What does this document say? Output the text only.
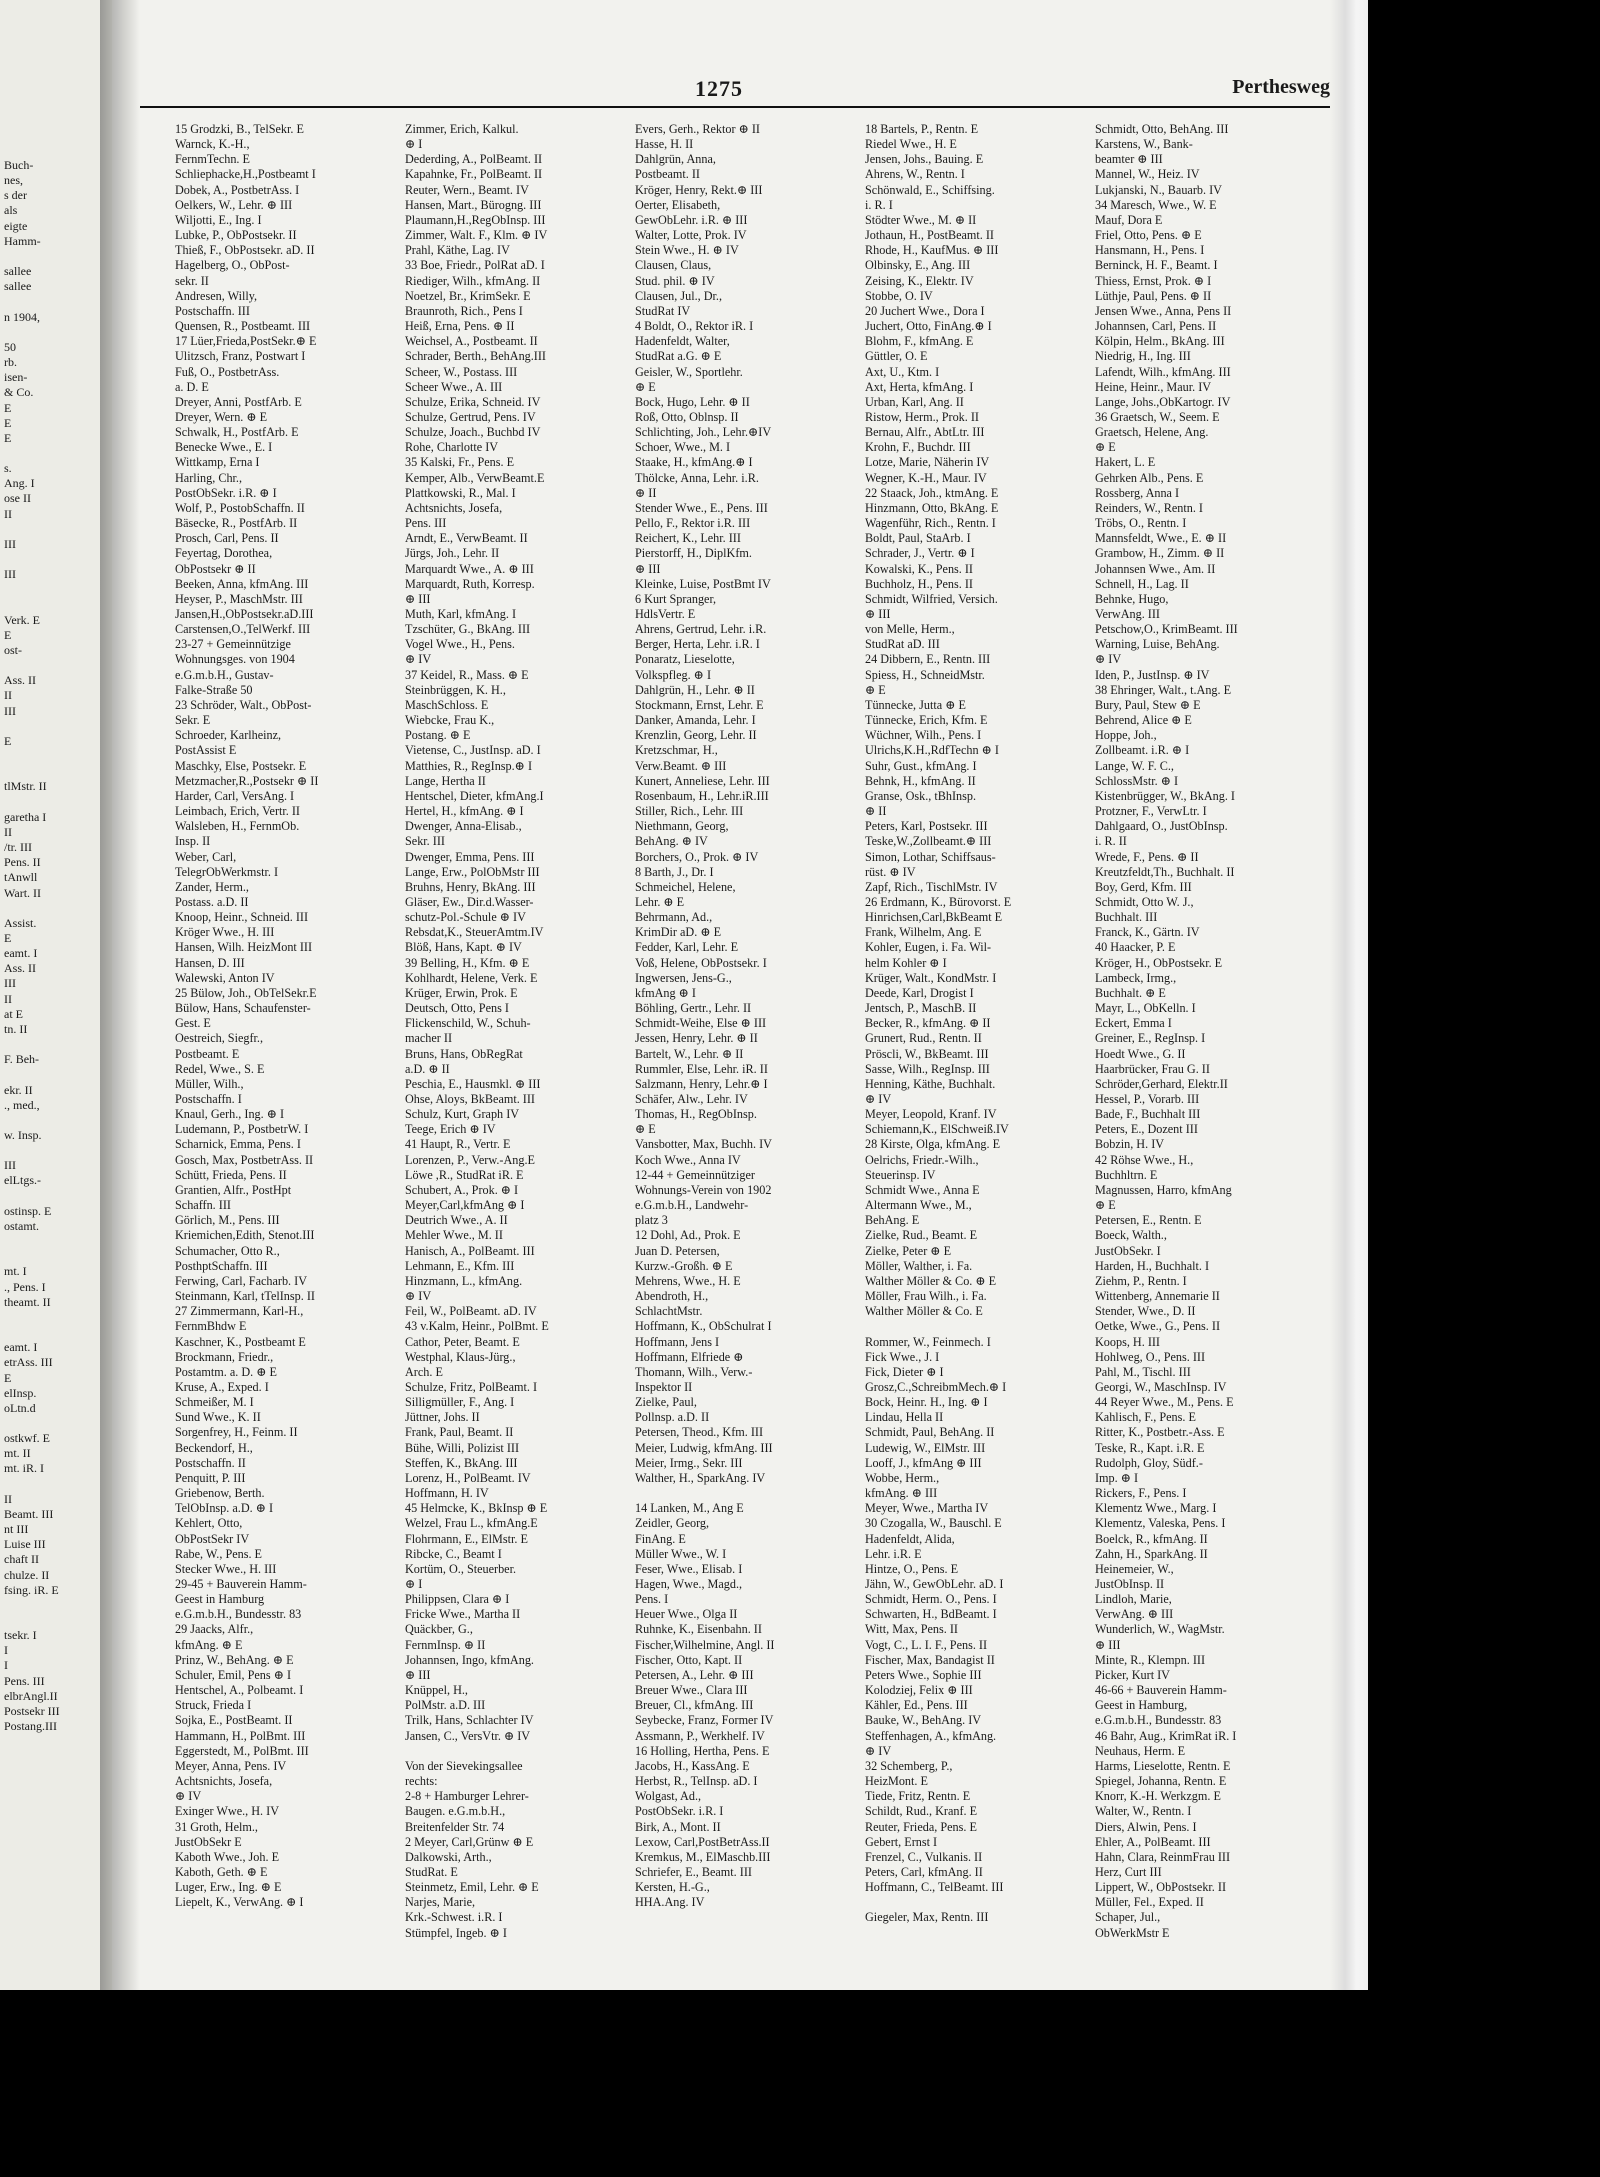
Buch-
nes,
s der
als
eigte
Hamm-

sallee
sallee

n 1904,

50
rb.
isen-
& Co.
E
E
E

s.
Ang. I
ose II
II

III

III

Verk. E
E
ost-

Ass. II
II
III

E

tlMstr. II

garetha I
II
/tr. III
Pens. II
tAnwll
Wart. II

Assist.
E
eamt. I
Ass. II
III
II
at E
tn. II

F. Beh-

ekr. II
., med.,

w. Insp.

III
elLtgs.-

ostinsp. E
ostamt.

mt. I
., Pens. I
theamt. II

eamt. I
etrAss. III
E
elInsp.
oLtn.d

ostkwf. E
mt. II
mt. iR. I

II
Beamt. III
nt III
Luise III
chaft II
chulze. II
fsing. iR. E

tsekr. I
I
I
Pens. III
elbrAngl.II
Postsekr III
Postang.III
1275	Perthesweg
15 Grodzki, B., TelSekr. E
Warnck, K.-H.,
FernmTechn. E
Schliephacke,H.,Postbeamt I
Dobek, A., PostbetrAss. I
Oelkers, W., Lehr. ⊕ III
Wiljotti, E., Ing. I
Lubke, P., ObPostsekr. II
Thieß, F., ObPostsekr. aD. II
Hagelberg, O., ObPost-
sekr. II
Andresen, Willy,
Postschaffn. III
Quensen, R., Postbeamt. III
17 Lüer,Frieda,PostSekr.⊕ E
Ulitzsch, Franz, Postwart I
Fuß, O., PostbetrAss.
a. D. E
Dreyer, Anni, PostfArb. E
Dreyer, Wern. ⊕ E
Schwalk, H., PostfArb. E
Benecke Wwe., E. I
Wittkamp, Erna I
Harling, Chr.,
PostObSekr. i.R. ⊕ I
Wolf, P., PostobSchaffn. II
Bäsecke, R., PostfArb. II
Prosch, Carl, Pens. II
Feyertag, Dorothea,
ObPostsekr ⊕ II
Beeken, Anna, kfmAng. III
Heyser, P., MaschMstr. III
Jansen,H.,ObPostsekr.aD.III
Carstensen,O.,TelWerkf. III
23-27 + Gemeinnützige
Wohnungsges. von 1904
e.G.m.b.H., Gustav-
Falke-Straße 50
23 Schröder, Walt., ObPost-
Sekr. E
Schroeder, Karlheinz,
PostAssist E
Maschky, Else, Postsekr. E
Metzmacher,R.,Postsekr ⊕ II
Harder, Carl, VersAng. I
Leimbach, Erich, Vertr. II
Walsleben, H., FernmOb.
Insp. II
Weber, Carl,
TelegrObWerkmstr. I
Zander, Herm.,
Postass. a.D. II
Knoop, Heinr., Schneid. III
Kröger Wwe., H. III
Hansen, Wilh. HeizMont III
Hansen, D. III
Walewski, Anton IV
25 Bülow, Joh., ObTelSekr.E
Bülow, Hans, Schaufenster-
Gest. E
Oestreich, Siegfr.,
Postbeamt. E
Redel, Wwe., S. E
Müller, Wilh.,
Postschaffn. I
Knaul, Gerh., Ing. ⊕ I
Ludemann, P., PostbetrW. I
Scharnick, Emma, Pens. I
Gosch, Max, PostbetrAss. II
Schütt, Frieda, Pens. II
Grantien, Alfr., PostHpt
Schaffn. III
Görlich, M., Pens. III
Kriemichen,Edith, Stenot.III
Schumacher, Otto R.,
PosthptSchaffn. III
Ferwing, Carl, Facharb. IV
Steinmann, Karl, tTelInsp. II
27 Zimmermann, Karl-H.,
FernmBhdw E
Kaschner, K., Postbeamt E
Brockmann, Friedr.,
Postamtm. a. D. ⊕ E
Kruse, A., Exped. I
Schmeißer, M. I
Sund Wwe., K. II
Sorgenfrey, H., Feinm. II
Beckendorf, H.,
Postschaffn. II
Penquitt, P. III
Griebenow, Berth.
TelObInsp. a.D. ⊕ I
Kehlert, Otto,
ObPostSekr IV
Rabe, W., Pens. E
Stecker Wwe., H. III
29-45 + Bauverein Hamm-
Geest in Hamburg
e.G.m.b.H., Bundesstr. 83
29 Jaacks, Alfr.,
kfmAng. ⊕ E
Prinz, W., BehAng. ⊕ E
Schuler, Emil, Pens ⊕ I
Hentschel, A., Polbeamt. I
Struck, Frieda I
Sojka, E., PostBeamt. II
Hammann, H., PolBmt. III
Eggerstedt, M., PolBmt. III
Meyer, Anna, Pens. IV
Achtsnichts, Josefa,
⊕ IV
Exinger Wwe., H. IV
31 Groth, Helm.,
JustObSekr E
Kaboth Wwe., Joh. E
Kaboth, Geth. ⊕ E
Luger, Erw., Ing. ⊕ E
Liepelt, K., VerwAng. ⊕ I
Zimmer, Erich, Kalkul.
⊕ I
Dederding, A., PolBeamt. II
Kapahnke, Fr., PolBeamt. II
Reuter, Wern., Beamt. IV
Hansen, Mart., Bürogng. III
Plaumann,H.,RegObInsp. III
Zimmer, Walt. F., Klm. ⊕ IV
Prahl, Käthe, Lag. IV
33 Boe, Friedr., PolRat aD. I
Riediger, Wilh., kfmAng. II
Noetzel, Br., KrimSekr. E
Braunroth, Rich., Pens I
Heiß, Erna, Pens. ⊕ II
Weichsel, A., Postbeamt. II
Schrader, Berth., BehAng.III
Scheer, W., Postass. III
Scheer Wwe., A. III
Schulze, Erika, Schneid. IV
Schulze, Gertrud, Pens. IV
Schulze, Joach., Buchbd IV
Rohe, Charlotte IV
35 Kalski, Fr., Pens. E
Kemper, Alb., VerwBeamt.E
Plattkowski, R., Mal. I
Achtsnichts, Josefa,
Pens. III
Arndt, E., VerwBeamt. II
Jürgs, Joh., Lehr. II
Marquardt Wwe., A. ⊕ III
Marquardt, Ruth, Korresp.
⊕ III
Muth, Karl, kfmAng. I
Tzschüter, G., BkAng. III
Vogel Wwe., H., Pens.
⊕ IV
37 Keidel, R., Mass. ⊕ E
Steinbrüggen, K. H.,
MaschSchloss. E
Wiebcke, Frau K.,
Postang. ⊕ E
Vietense, C., JustInsp. aD. I
Matthies, R., RegInsp.⊕ I
Lange, Hertha II
Hentschel, Dieter, kfmAng.I
Hertel, H., kfmAng. ⊕ I
Dwenger, Anna-Elisab.,
Sekr. III
Dwenger, Emma, Pens. III
Lange, Erw., PolObMstr III
Bruhns, Henry, BkAng. III
Gläser, Ew., Dir.d.Wasser-
schutz-Pol.-Schule ⊕ IV
Rebsdat,K., SteuerAmtm.IV
Blöß, Hans, Kapt. ⊕ IV
39 Belling, H., Kfm. ⊕ E
Kohlhardt, Helene, Verk. E
Krüger, Erwin, Prok. E
Deutsch, Otto, Pens I
Flickenschild, W., Schuh-
macher II
Bruns, Hans, ObRegRat
a.D. ⊕ II
Peschia, E., Hausmkl. ⊕ III
Ohse, Aloys, BkBeamt. III
Schulz, Kurt, Graph IV
Teege, Erich ⊕ IV
41 Haupt, R., Vertr. E
Lorenzen, P., Verw.-Ang.E
Löwe ,R., StudRat iR. E
Schubert, A., Prok. ⊕ I
Meyer,Carl,kfmAng ⊕ I
Deutrich Wwe., A. II
Mehler Wwe., M. II
Hanisch, A., PolBeamt. III
Lehmann, E., Kfm. III
Hinzmann, L., kfmAng.
⊕ IV
Feil, W., PolBeamt. aD. IV
43 v.Kalm, Heinr., PolBmt. E
Cathor, Peter, Beamt. E
Westphal, Klaus-Jürg.,
Arch. E
Schulze, Fritz, PolBeamt. I
Silligmüller, F., Ang. I
Jüttner, Johs. II
Frank, Paul, Beamt. II
Bühe, Willi, Polizist III
Steffen, K., BkAng. III
Lorenz, H., PolBeamt. IV
Hoffmann, H. IV
45 Helmcke, K., BkInsp ⊕ E
Welzel, Frau L., kfmAng.E
Flohrmann, E., ElMstr. E
Ribcke, C., Beamt I
Kortüm, O., Steuerber.
⊕ I
Philippsen, Clara ⊕ I
Fricke Wwe., Martha II
Quäckber, G.,
FernmInsp. ⊕ II
Johannsen, Ingo, kfmAng.
⊕ III
Knüppel, H.,
PolMstr. a.D. III
Trilk, Hans, Schlachter IV
Jansen, C., VersVtr. ⊕ IV

Von der Sievekingsallee
rechts:
2-8 + Hamburger Lehrer-
Baugen. e.G.m.b.H.,
Breitenfelder Str. 74
2 Meyer, Carl,Grünw ⊕ E
Dalkowski, Arth.,
StudRat. E
Steinmetz, Emil, Lehr. ⊕ E
Narjes, Marie,
Krk.-Schwest. i.R. I
Stümpfel, Ingeb. ⊕ I
Evers, Gerh., Rektor ⊕ II
Hasse, H. II
Dahlgrün, Anna,
Postbeamt. II
Kröger, Henry, Rekt.⊕ III
Oerter, Elisabeth,
GewObLehr. i.R. ⊕ III
Walter, Lotte, Prok. IV
Stein Wwe., H. ⊕ IV
Clausen, Claus,
Stud. phil. ⊕ IV
Clausen, Jul., Dr.,
StudRat IV
4 Boldt, O., Rektor iR. I
Hadenfeldt, Walter,
StudRat a.G. ⊕ E
Geisler, W., Sportlehr.
⊕ E
Bock, Hugo, Lehr. ⊕ II
Roß, Otto, Oblnsp. II
Schlichting, Joh., Lehr.⊕IV
Schoer, Wwe., M. I
Staake, H., kfmAng.⊕ I
Thölcke, Anna, Lehr. i.R.
⊕ II
Stender Wwe., E., Pens. III
Pello, F., Rektor i.R. III
Reichert, K., Lehr. III
Pierstorff, H., DiplKfm.
⊕ III
Kleinke, Luise, PostBmt IV
6 Kurt Spranger,
HdlsVertr. E
Ahrens, Gertrud, Lehr. i.R.
Berger, Herta, Lehr. i.R. I
Ponaratz, Lieselotte,
Volkspfleg. ⊕ I
Dahlgrün, H., Lehr. ⊕ II
Stockmann, Ernst, Lehr. E
Danker, Amanda, Lehr. I
Krenzlin, Georg, Lehr. II
Kretzschmar, H.,
Verw.Beamt. ⊕ III
Kunert, Anneliese, Lehr. III
Rosenbaum, H., Lehr.iR.III
Stiller, Rich., Lehr. III
Niethmann, Georg,
BehAng. ⊕ IV
Borchers, O., Prok. ⊕ IV
8 Barth, J., Dr. I
Schmeichel, Helene,
Lehr. ⊕ E
Behrmann, Ad.,
KrimDir aD. ⊕ E
Fedder, Karl, Lehr. E
Voß, Helene, ObPostsekr. I
Ingwersen, Jens-G.,
kfmAng ⊕ I
Böhling, Gertr., Lehr. II
Schmidt-Weihe, Else ⊕ III
Jessen, Henry, Lehr. ⊕ II
Bartelt, W., Lehr. ⊕ II
Rummler, Else, Lehr. iR. II
Salzmann, Henry, Lehr.⊕ I
Schäfer, Alw., Lehr. IV
Thomas, H., RegObInsp.
⊕ E
Vansbotter, Max, Buchh. IV
Koch Wwe., Anna IV
12-44 + Gemeinnütziger
Wohnungs-Verein von 1902
e.G.m.b.H., Landwehr-
platz 3
12 Dohl, Ad., Prok. E
Juan D. Petersen,
Kurzw.-Großh. ⊕ E
Mehrens, Wwe., H. E
Abendroth, H.,
SchlachtMstr.
Hoffmann, K., ObSchulrat I
Hoffmann, Jens I
Hoffmann, Elfriede ⊕
Thomann, Wilh., Verw.-
Inspektor II
Zielke, Paul,
Pollnsp. a.D. II
Petersen, Theod., Kfm. III
Meier, Ludwig, kfmAng. III
Meier, Irmg., Sekr. III
Walther, H., SparkAng. IV

14 Lanken, M., Ang E
Zeidler, Georg,
FinAng. E
Müller Wwe., W. I
Feser, Wwe., Elisab. I
Hagen, Wwe., Magd.,
Pens. I
Heuer Wwe., Olga II
Ruhnke, K., Eisenbahn. II
Fischer,Wilhelmine, Angl. II
Fischer, Otto, Kapt. II
Petersen, A., Lehr. ⊕ III
Breuer Wwe., Clara III
Breuer, Cl., kfmAng. III
Seybecke, Franz, Former IV
Assmann, P., Werkhelf. IV
16 Holling, Hertha, Pens. E
Jacobs, H., KassAng. E
Herbst, R., TelInsp. aD. I
Wolgast, Ad.,
PostObSekr. i.R. I
Birk, A., Mont. II
Lexow, Carl,PostBetrAss.II
Kremkus, M., ElMaschb.III
Schriefer, E., Beamt. III
Kersten, H.-G.,
HHA.Ang. IV
18 Bartels, P., Rentn. E
Riedel Wwe., H. E
Jensen, Johs., Bauing. E
Ahrens, W., Rentn. I
Schönwald, E., Schiffsing.
i. R. I
Stödter Wwe., M. ⊕ II
Jothaun, H., PostBeamt. II
Rhode, H., KaufMus. ⊕ III
Olbinsky, E., Ang. III
Zeising, K., Elektr. IV
Stobbe, O. IV
20 Juchert Wwe., Dora I
Juchert, Otto, FinAng.⊕ I
Blohm, F., kfmAng. E
Güttler, O. E
Axt, U., Ktm. I
Axt, Herta, kfmAng. I
Urban, Karl, Ang. II
Ristow, Herm., Prok. II
Bernau, Alfr., AbtLtr. III
Krohn, F., Buchdr. III
Lotze, Marie, Näherin IV
Wegner, K.-H., Maur. IV
22 Staack, Joh., ktmAng. E
Hinzmann, Otto, BkAng. E
Wagenführ, Rich., Rentn. I
Boldt, Paul, StaArb. I
Schrader, J., Vertr. ⊕ I
Kowalski, K., Pens. II
Buchholz, H., Pens. II
Schmidt, Wilfried, Versich.
⊕ III
von Melle, Herm.,
StudRat aD. III
24 Dibbern, E., Rentn. III
Spiess, H., SchneidMstr.
⊕ E
Tünnecke, Jutta ⊕ E
Tünnecke, Erich, Kfm. E
Wüchner, Wilh., Pens. I
Ulrichs,K.H.,RdfTechn ⊕ I
Suhr, Gust., kfmAng. I
Behnk, H., kfmAng. II
Granse, Osk., tBhInsp.
⊕ II
Peters, Karl, Postsekr. III
Teske,W.,Zollbeamt.⊕ III
Simon, Lothar, Schiffsaus-
rüst. ⊕ IV
Zapf, Rich., TischlMstr. IV
26 Erdmann, K., Bürovorst. E
Hinrichsen,Carl,BkBeamt E
Frank, Wilhelm, Ang. E
Kohler, Eugen, i. Fa. Wil-
helm Kohler ⊕ I
Krüger, Walt., KondMstr. I
Deede, Karl, Drogist I
Jentsch, P., MaschB. II
Becker, R., kfmAng. ⊕ II
Grunert, Rud., Rentn. II
Pröscli, W., BkBeamt. III
Sasse, Wilh., RegInsp. III
Henning, Käthe, Buchhalt.
⊕ IV
Meyer, Leopold, Kranf. IV
Schiemann,K., ElSchweiß.IV
28 Kirste, Olga, kfmAng. E
Oelrichs, Friedr.-Wilh.,
Steuerinsp. IV
Schmidt Wwe., Anna E
Altermann Wwe., M.,
BehAng. E
Zielke, Rud., Beamt. E
Zielke, Peter ⊕ E
Möller, Walther, i. Fa.
Walther Möller & Co. ⊕ E
Möller, Frau Wilh., i. Fa.
Walther Möller & Co. E

Rommer, W., Feinmech. I
Fick Wwe., J. I
Fick, Dieter ⊕ I
Grosz,C.,SchreibmMech.⊕ I
Bock, Heinr. H., Ing. ⊕ I
Lindau, Hella II
Schmidt, Paul, BehAng. II
Ludewig, W., ElMstr. III
Looff, J., kfmAng ⊕ III
Wobbe, Herm.,
kfmAng. ⊕ III
Meyer, Wwe., Martha IV
30 Czogalla, W., Bauschl. E
Hadenfeldt, Alida,
Lehr. i.R. E
Hintze, O., Pens. E
Jähn, W., GewObLehr. aD. I
Schmidt, Herm. O., Pens. I
Schwarten, H., BdBeamt. I
Witt, Max, Pens. II
Vogt, C., L. I. F., Pens. II
Fischer, Max, Bandagist II
Peters Wwe., Sophie III
Kolodziej, Felix ⊕ III
Kähler, Ed., Pens. III
Bauke, W., BehAng. IV
Steffenhagen, A., kfmAng.
⊕ IV
32 Schemberg, P.,
HeizMont. E
Tiede, Fritz, Rentn. E
Schildt, Rud., Kranf. E
Reuter, Frieda, Pens. E
Gebert, Ernst I
Frenzel, C., Vulkanis. II
Peters, Carl, kfmAng. II
Hoffmann, C., TelBeamt. III

Giegeler, Max, Rentn. III
Schmidt, Otto, BehAng. III
Karstens, W., Bank-
beamter ⊕ III
Mannel, W., Heiz. IV
Lukjanski, N., Bauarb. IV
34 Maresch, Wwe., W. E
Mauf, Dora E
Friel, Otto, Pens. ⊕ E
Hansmann, H., Pens. I
Berninck, H. F., Beamt. I
Thiess, Ernst, Prok. ⊕ I
Lüthje, Paul, Pens. ⊕ II
Jensen Wwe., Anna, Pens II
Johannsen, Carl, Pens. II
Kölpin, Helm., BkAng. III
Niedrig, H., Ing. III
Lafendt, Wilh., kfmAng. III
Heine, Heinr., Maur. IV
Lange, Johs.,ObKartogr. IV
36 Graetsch, W., Seem. E
Graetsch, Helene, Ang.
⊕ E
Hakert, L. E
Gehrken Alb., Pens. E
Rossberg, Anna I
Reinders, W., Rentn. I
Tröbs, O., Rentn. I
Mannsfeldt, Wwe., E. ⊕ II
Grambow, H., Zimm. ⊕ II
Johannsen Wwe., Am. II
Schnell, H., Lag. II
Behnke, Hugo,
VerwAng. III
Petschow,O., KrimBeamt. III
Warning, Luise, BehAng.
⊕ IV
Iden, P., JustInsp. ⊕ IV
38 Ehringer, Walt., t.Ang. E
Bury, Paul, Stew ⊕ E
Behrend, Alice ⊕ E
Hoppe, Joh.,
Zollbeamt. i.R. ⊕ I
Lange, W. F. C.,
SchlossMstr. ⊕ I
Kistenbrügger, W., BkAng. I
Protzner, F., VerwLtr. I
Dahlgaard, O., JustObInsp.
i. R. II
Wrede, F., Pens. ⊕ II
Kreutzfeldt,Th., Buchhalt. II
Boy, Gerd, Kfm. III
Schmidt, Otto W. J.,
Buchhalt. III
Franck, K., Gärtn. IV
40 Haacker, P. E
Kröger, H., ObPostsekr. E
Lambeck, Irmg.,
Buchhalt. ⊕ E
Mayr, L., ObKelln. I
Eckert, Emma I
Greiner, E., RegInsp. I
Hoedt Wwe., G. II
Haarbrücker, Frau G. II
Schröder,Gerhard, Elektr.II
Hessel, P., Vorarb. III
Bade, F., Buchhalt III
Peters, E., Dozent III
Bobzin, H. IV
42 Röhse Wwe., H.,
Buchhltrn. E
Magnussen, Harro, kfmAng
⊕ E
Petersen, E., Rentn. E
Boeck, Walth.,
JustObSekr. I
Harden, H., Buchhalt. I
Ziehm, P., Rentn. I
Wittenberg, Annemarie II
Stender, Wwe., D. II
Oetke, Wwe., G., Pens. II
Koops, H. III
Hohlweg, O., Pens. III
Pahl, M., Tischl. III
Georgi, W., MaschInsp. IV
44 Reyer Wwe., M., Pens. E
Kahlisch, F., Pens. E
Ritter, K., Postbetr.-Ass. E
Teske, R., Kapt. i.R. E
Rudolph, Gloy, Südf.-
Imp. ⊕ I
Rickers, F., Pens. I
Klementz Wwe., Marg. I
Klementz, Valeska, Pens. I
Boelck, R., kfmAng. II
Zahn, H., SparkAng. II
Heinemeier, W.,
JustObInsp. II
Lindloh, Marie,
VerwAng. ⊕ III
Wunderlich, W., WagMstr.
⊕ III
Minte, R., Klempn. III
Picker, Kurt IV
46-66 + Bauverein Hamm-
Geest in Hamburg,
e.G.m.b.H., Bundesstr. 83
46 Bahr, Aug., KrimRat iR. I
Neuhaus, Herm. E
Harms, Lieselotte, Rentn. E
Spiegel, Johanna, Rentn. E
Knorr, K.-H. Werkzgm. E
Walter, W., Rentn. I
Diers, Alwin, Pens. I
Ehler, A., PolBeamt. III
Hahn, Clara, ReinmFrau III
Herz, Curt III
Lippert, W., ObPostsekr. II
Müller, Fel., Exped. II
Schaper, Jul.,
ObWerkMstr E
